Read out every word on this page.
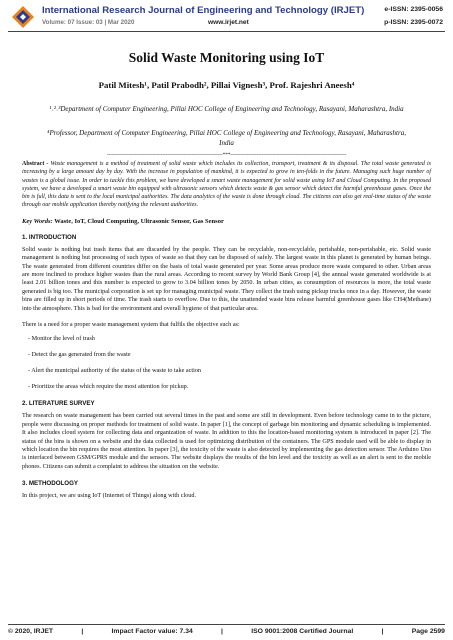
International Research Journal of Engineering and Technology (IRJET)
Volume: 07 Issue: 03 | Mar 2020	www.irjet.net
e-ISSN: 2395-0056
p-ISSN: 2395-0072
Solid Waste Monitoring using IoT
Patil Mitesh¹, Patil Prabodh², Pillai Vignesh³, Prof. Rajeshri Aneesh⁴
¹˒²˒³Department of Computer Engineering, Pillai HOC College of Engineering and Technology, Rasayani, Maharashtra, India
⁴Professor, Department of Computer Engineering, Pillai HOC College of Engineering and Technology, Rasayani, Maharashtra, India
-----------------------------------------------------------------------***-----------------------------------------------------------------------

Abstract - Waste management is a method of treatment of solid waste which includes its collection, transport, treatment & its disposal. The total waste generated is increasing by a large amount day by day. With the increase in population of mankind, it is expected to grow in ten-folds in the future. Managing such huge number of wastes is a global issue. In order to tackle this problem, we have developed a smart waste management for solid waste using IoT and Cloud Computing. In the proposed system, we have a developed a smart waste bin equipped with ultrasonic sensors which detects waste & gas sensor which detect the harmful greenhouse gases. Once the bin is full, this data is sent to the local municipal authorities. The data analytics of the waste is done through cloud. The citizens can also get real-time status of the waste through our mobile application thereby notifying the relevant authorities.

Key Words: Waste, IoT, Cloud Computing, Ultrasonic Sensor, Gas Sensor

1. INTRODUCTION

Solid waste is nothing but trash items that are discarded by the people. They can be recyclable, non-recyclable, perishable, non-perishable, etc. Solid waste management is nothing but processing of such types of waste so that they can be disposed of safely. The largest waste in this planet is generated by human beings. The waste generated from different countries differ on the basis of total waste generated per year. Some areas produce more waste compared to other. Urban areas are more inclined to produce higher wastes than the rural areas. According to recent survey by World Bank Group [4], the annual waste generated worldwide is at least 2.01 billion tones and this number is expected to grow to 3.04 billion tones by 2050. In urban cities, as consumption of resources is more, the total waste generated is big too. The municipal corporation is set up for managing municipal waste. They collect the trash using pickup trucks once in a day. However, the waste bins are filled up in short periods of time. The trash starts to overflow. Due to this, the unattended waste bins release harmful greenhouse gases like CH4(Methane) into the atmosphere. This is bad for the environment and overall hygiene of that particular area.

There is a need for a proper waste management system that fulfils the objective such as:

- Monitor the level of trash
- Detect the gas generated from the waste
- Alert the municipal authority of the status of the waste to take action
- Prioritize the areas which require the most attention for pickup.
2. LITERATURE SURVEY

The research on waste management has been carried out several times in the past and some are still in development. Even before technology came in to the picture, people were discussing on proper methods for treatment of solid waste. In paper [1], the concept of garbage bin monitoring and dynamic scheduling is implemented. It also includes cloud system for collecting data and organization of waste. In addition to this the location-based monitoring system is introduced in paper [2]. The status of the bins is shown on a website and the data collected is used for optimizing distribution of the containers. The GPS module used will be able to display in which location the bin requires the most attention. In paper [3], the toxicity of the waste is also detected by implementing the gas detection sensor. The Arduino Uno is interfaced between GSM/GPRS module and the sensors. The website displays the results of the bin level and the toxicity as well as an alert is sent to the mobile phones. Citizens can submit a complaint to address the situation on the website.

3. METHODOLOGY

In this project, we are using IoT (Internet of Things) along with cloud.

© 2020, IRJET	|	Impact Factor value: 7.34	|	ISO 9001:2008 Certified Journal	|	Page 2599
